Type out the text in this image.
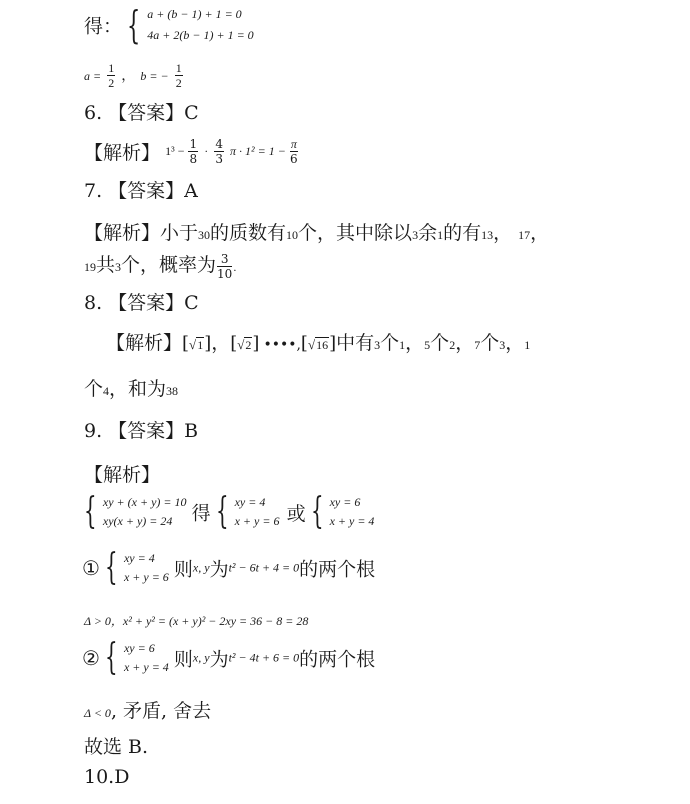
得： { a + (b − 1) + 1 = 0
4a + 2(b − 1) + 1 = 0
$a = \frac{1}{2}$ ， b = − $\frac{1}{2}$
6. 【答案】C
【解析】 $1^3 - \frac{1}{8} \cdot \frac{4}{3}$ $\pi \cdot 1^2 = 1 - \frac{\pi}{6}$
7. 【答案】A
【解析】小于30的质数有10个，其中除以3余1的有13， 17，
19共3个，概率为 $\frac{3}{10}$ .
8. 【答案】C
【解析】[√1]，[√2] ••••,[√16]中有3个1，5个2，7个3，1
个4，和为38
9. 【答案】B
【解析】
{ xy + (x + y) = 10
xy(x + y) = 24	得 { xy = 4
x + y = 6 或 { xy = 6
x + y = 4
① { xy = 4
x + y = 6 则x, y为t² − 6t + 4 = 0的两个根
Δ > 0，x² + y² = (x + y)² − 2xy = 36 − 8 = 28
② { xy = 6
x + y = 4 则x, y为t² − 4t + 6 = 0的两个根
Δ < 0, 矛盾, 舍去
故选 B.
10.D
